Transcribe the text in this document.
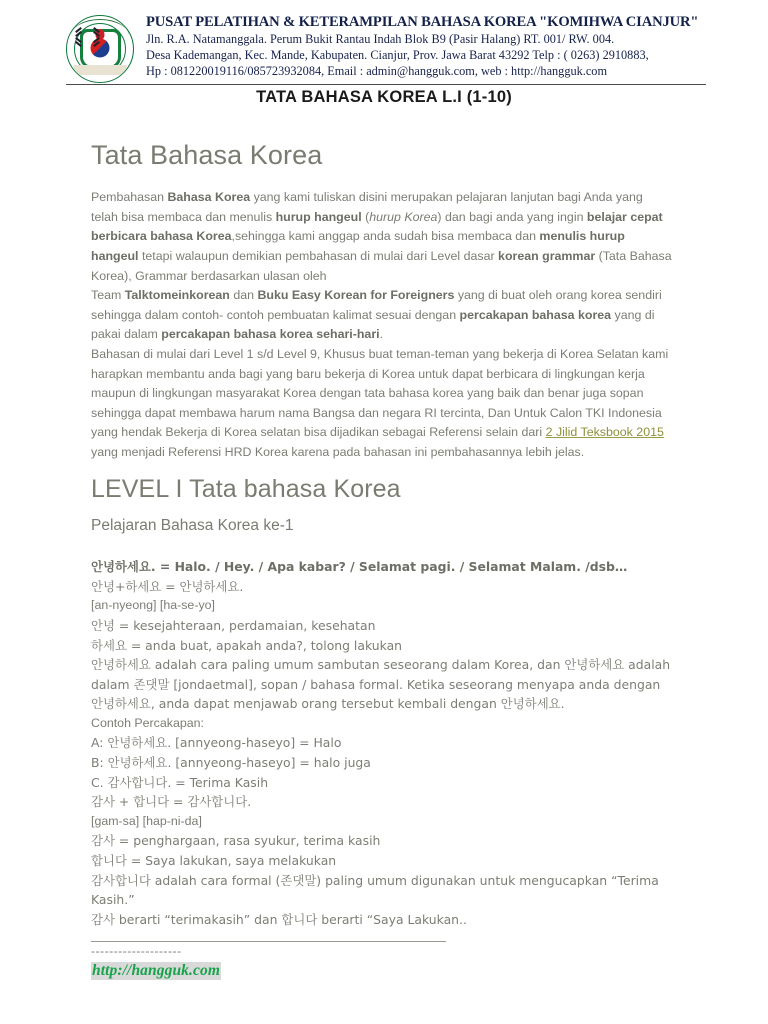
PUSAT PELATIHAN & KETERAMPILAN BAHASA KOREA "KOMIHWA CIANJUR"
Jln. R.A. Natamanggala. Perum Bukit Rantau Indah Blok B9 (Pasir Halang) RT. 001/ RW. 004.
Desa Kademangan, Kec. Mande, Kabupaten. Cianjur, Prov. Jawa Barat 43292 Telp : ( 0263) 2910883,
Hp : 081220019116/085723932084, Email : admin@hangguk.com, web : http://hangguk.com
TATA BAHASA KOREA L.I (1-10)
Tata Bahasa Korea

Pembahasan Bahasa Korea yang kami tuliskan disini merupakan pelajaran lanjutan bagi Anda yang telah bisa membaca dan menulis hurup hangeul (hurup Korea) dan bagi anda yang ingin belajar cepat berbicara bahasa Korea,sehingga kami anggap anda sudah bisa membaca dan menulis hurup hangeul tetapi walaupun demikian pembahasan di mulai dari Level dasar korean grammar (Tata Bahasa Korea), Grammar berdasarkan ulasan oleh

Team Talktomeinkorean dan Buku Easy Korean for Foreigners yang di buat oleh orang korea sendiri sehingga dalam contoh- contoh pembuatan kalimat sesuai dengan percakapan bahasa korea yang di pakai dalam percakapan bahasa korea sehari-hari.

Bahasan di mulai dari Level 1 s/d Level 9, Khusus buat teman-teman yang bekerja di Korea Selatan kami harapkan membantu anda bagi yang baru bekerja di Korea untuk dapat berbicara di lingkungan kerja maupun di lingkungan masyarakat Korea dengan tata bahasa korea yang baik dan benar juga sopan sehingga dapat membawa harum nama Bangsa dan negara RI tercinta, Dan Untuk Calon TKI Indonesia yang hendak Bekerja di Korea selatan bisa dijadikan sebagai Referensi selain dari 2 Jilid Teksbook 2015 yang menjadi Referensi HRD Korea karena pada bahasan ini pembahasannya lebih jelas.

LEVEL I Tata bahasa Korea
Pelajaran Bahasa Korea ke-1
안녕하세요. = Halo. / Hey. / Apa kabar? / Selamat pagi. / Selamat Malam. /dsb…
안녕+하세요 = 안녕하세요.
[an-nyeong] [ha-se-yo]
안녕 = kesejahteraan, perdamaian, kesehatan
하세요 = anda buat, apakah anda?, tolong lakukan
안녕하세요 adalah cara paling umum sambutan seseorang dalam Korea, dan 안녕하세요 adalah dalam 존댓말 [jondaetmal], sopan / bahasa formal. Ketika seseorang menyapa anda dengan 안녕하세요, anda dapat menjawab orang tersebut kembali dengan 안녕하세요.
Contoh Percakapan:
A: 안녕하세요. [annyeong-haseyo] = Halo
B: 안녕하세요. [annyeong-haseyo] = halo juga
C. 감사합니다. = Terima Kasih
감사 + 합니다 = 감사합니다.
[gam-sa] [hap-ni-da]
감사 = penghargaan, rasa syukur, terima kasih
합니다 = Saya lakukan, saya melakukan
감사합니다 adalah cara formal (존댓말) paling umum digunakan untuk mengucapkan “Terima Kasih.”
감사 berarti “terimakasih” dan 합니다 berarti “Saya Lakukan..
--------------------
http://hangguk.com
